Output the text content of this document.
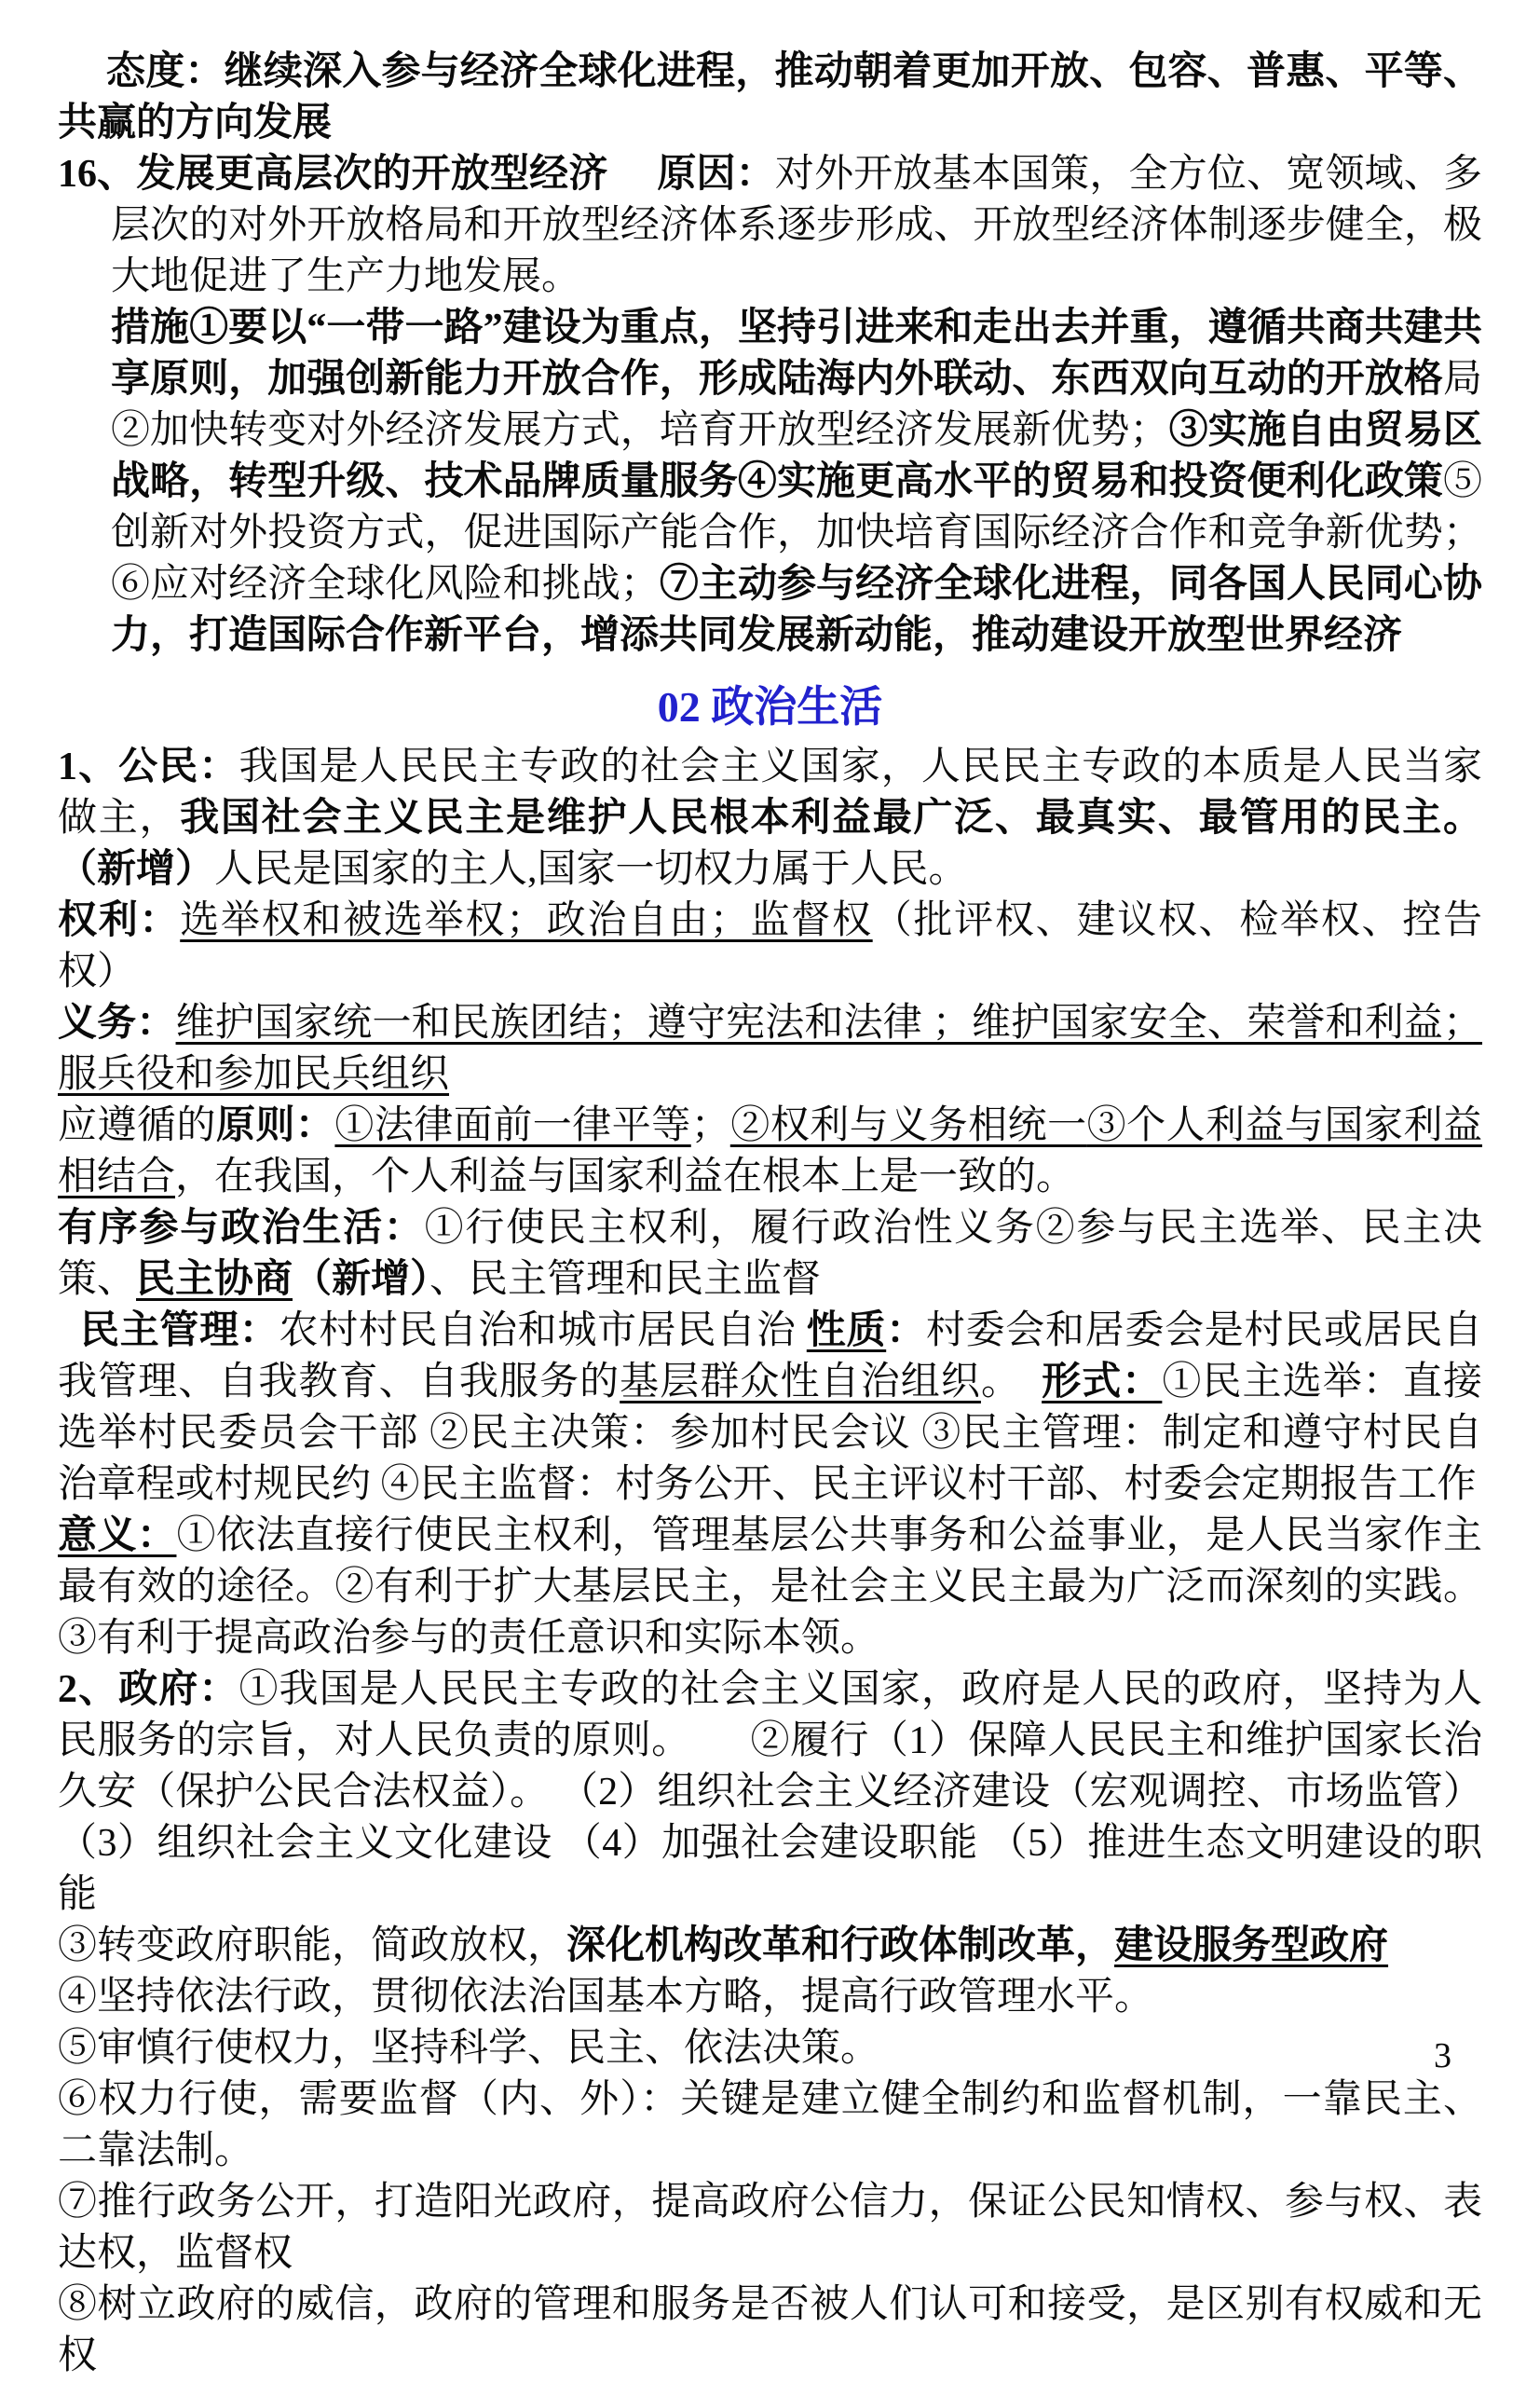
态度：继续深入参与经济全球化进程，推动朝着更加开放、包容、普惠、平等、共赢的方向发展
16、发展更高层次的开放型经济　 原因：对外开放基本国策，全方位、宽领域、多层次的对外开放格局和开放型经济体系逐步形成、开放型经济体制逐步健全，极大地促进了生产力地发展。
措施①要以“一带一路”建设为重点，坚持引进来和走出去并重，遵循共商共建共享原则，加强创新能力开放合作，形成陆海内外联动、东西双向互动的开放格局②加快转变对外经济发展方式，培育开放型经济发展新优势；③实施自由贸易区战略，转型升级、技术品牌质量服务④实施更高水平的贸易和投资便利化政策⑤创新对外投资方式，促进国际产能合作，加快培育国际经济合作和竞争新优势；⑥应对经济全球化风险和挑战；⑦主动参与经济全球化进程，同各国人民同心协力，打造国际合作新平台，增添共同发展新动能，推动建设开放型世界经济
02 政治生活
1、公民：我国是人民民主专政的社会主义国家，人民民主专政的本质是人民当家做主，我国社会主义民主是维护人民根本利益最广泛、最真实、最管用的民主。（新增）人民是国家的主人,国家一切权力属于人民。
权利：选举权和被选举权；政治自由；监督权（批评权、建议权、检举权、控告权）
义务：维护国家统一和民族团结；遵守宪法和法律 ；维护国家安全、荣誉和利益；服兵役和参加民兵组织
应遵循的原则：①法律面前一律平等；②权利与义务相统一③个人利益与国家利益相结合，在我国，个人利益与国家利益在根本上是一致的。
有序参与政治生活：①行使民主权利，履行政治性义务②参与民主选举、民主决策、民主协商（新增）、民主管理和民主监督
民主管理：农村村民自治和城市居民自治 性质：村委会和居委会是村民或居民自我管理、自我教育、自我服务的基层群众性自治组织。　形式：①民主选举：直接选举村民委员会干部 ②民主决策：参加村民会议 ③民主管理：制定和遵守村民自治章程或村规民约 ④民主监督：村务公开、民主评议村干部、村委会定期报告工作　 意义：①依法直接行使民主权利，管理基层公共事务和公益事业，是人民当家作主最有效的途径。②有利于扩大基层民主，是社会主义民主最为广泛而深刻的实践。③有利于提高政治参与的责任意识和实际本领。
2、政府：①我国是人民民主专政的社会主义国家，政府是人民的政府，坚持为人民服务的宗旨，对人民负责的原则。　　②履行（1）保障人民民主和维护国家长治久安（保护公民合法权益）。 （2）组织社会主义经济建设（宏观调控、市场监管）（3）组织社会主义文化建设 （4）加强社会建设职能 （5）推进生态文明建设的职能
③转变政府职能，简政放权，深化机构改革和行政体制改革，建设服务型政府
④坚持依法行政，贯彻依法治国基本方略，提高行政管理水平。
⑤审慎行使权力，坚持科学、民主、依法决策。
⑥权力行使，需要监督（内、外）：关键是建立健全制约和监督机制，一靠民主、二靠法制。
⑦推行政务公开，打造阳光政府，提高政府公信力，保证公民知情权、参与权、表达权，监督权
⑧树立政府的威信，政府的管理和服务是否被人们认可和接受，是区别有权威和无权
3
